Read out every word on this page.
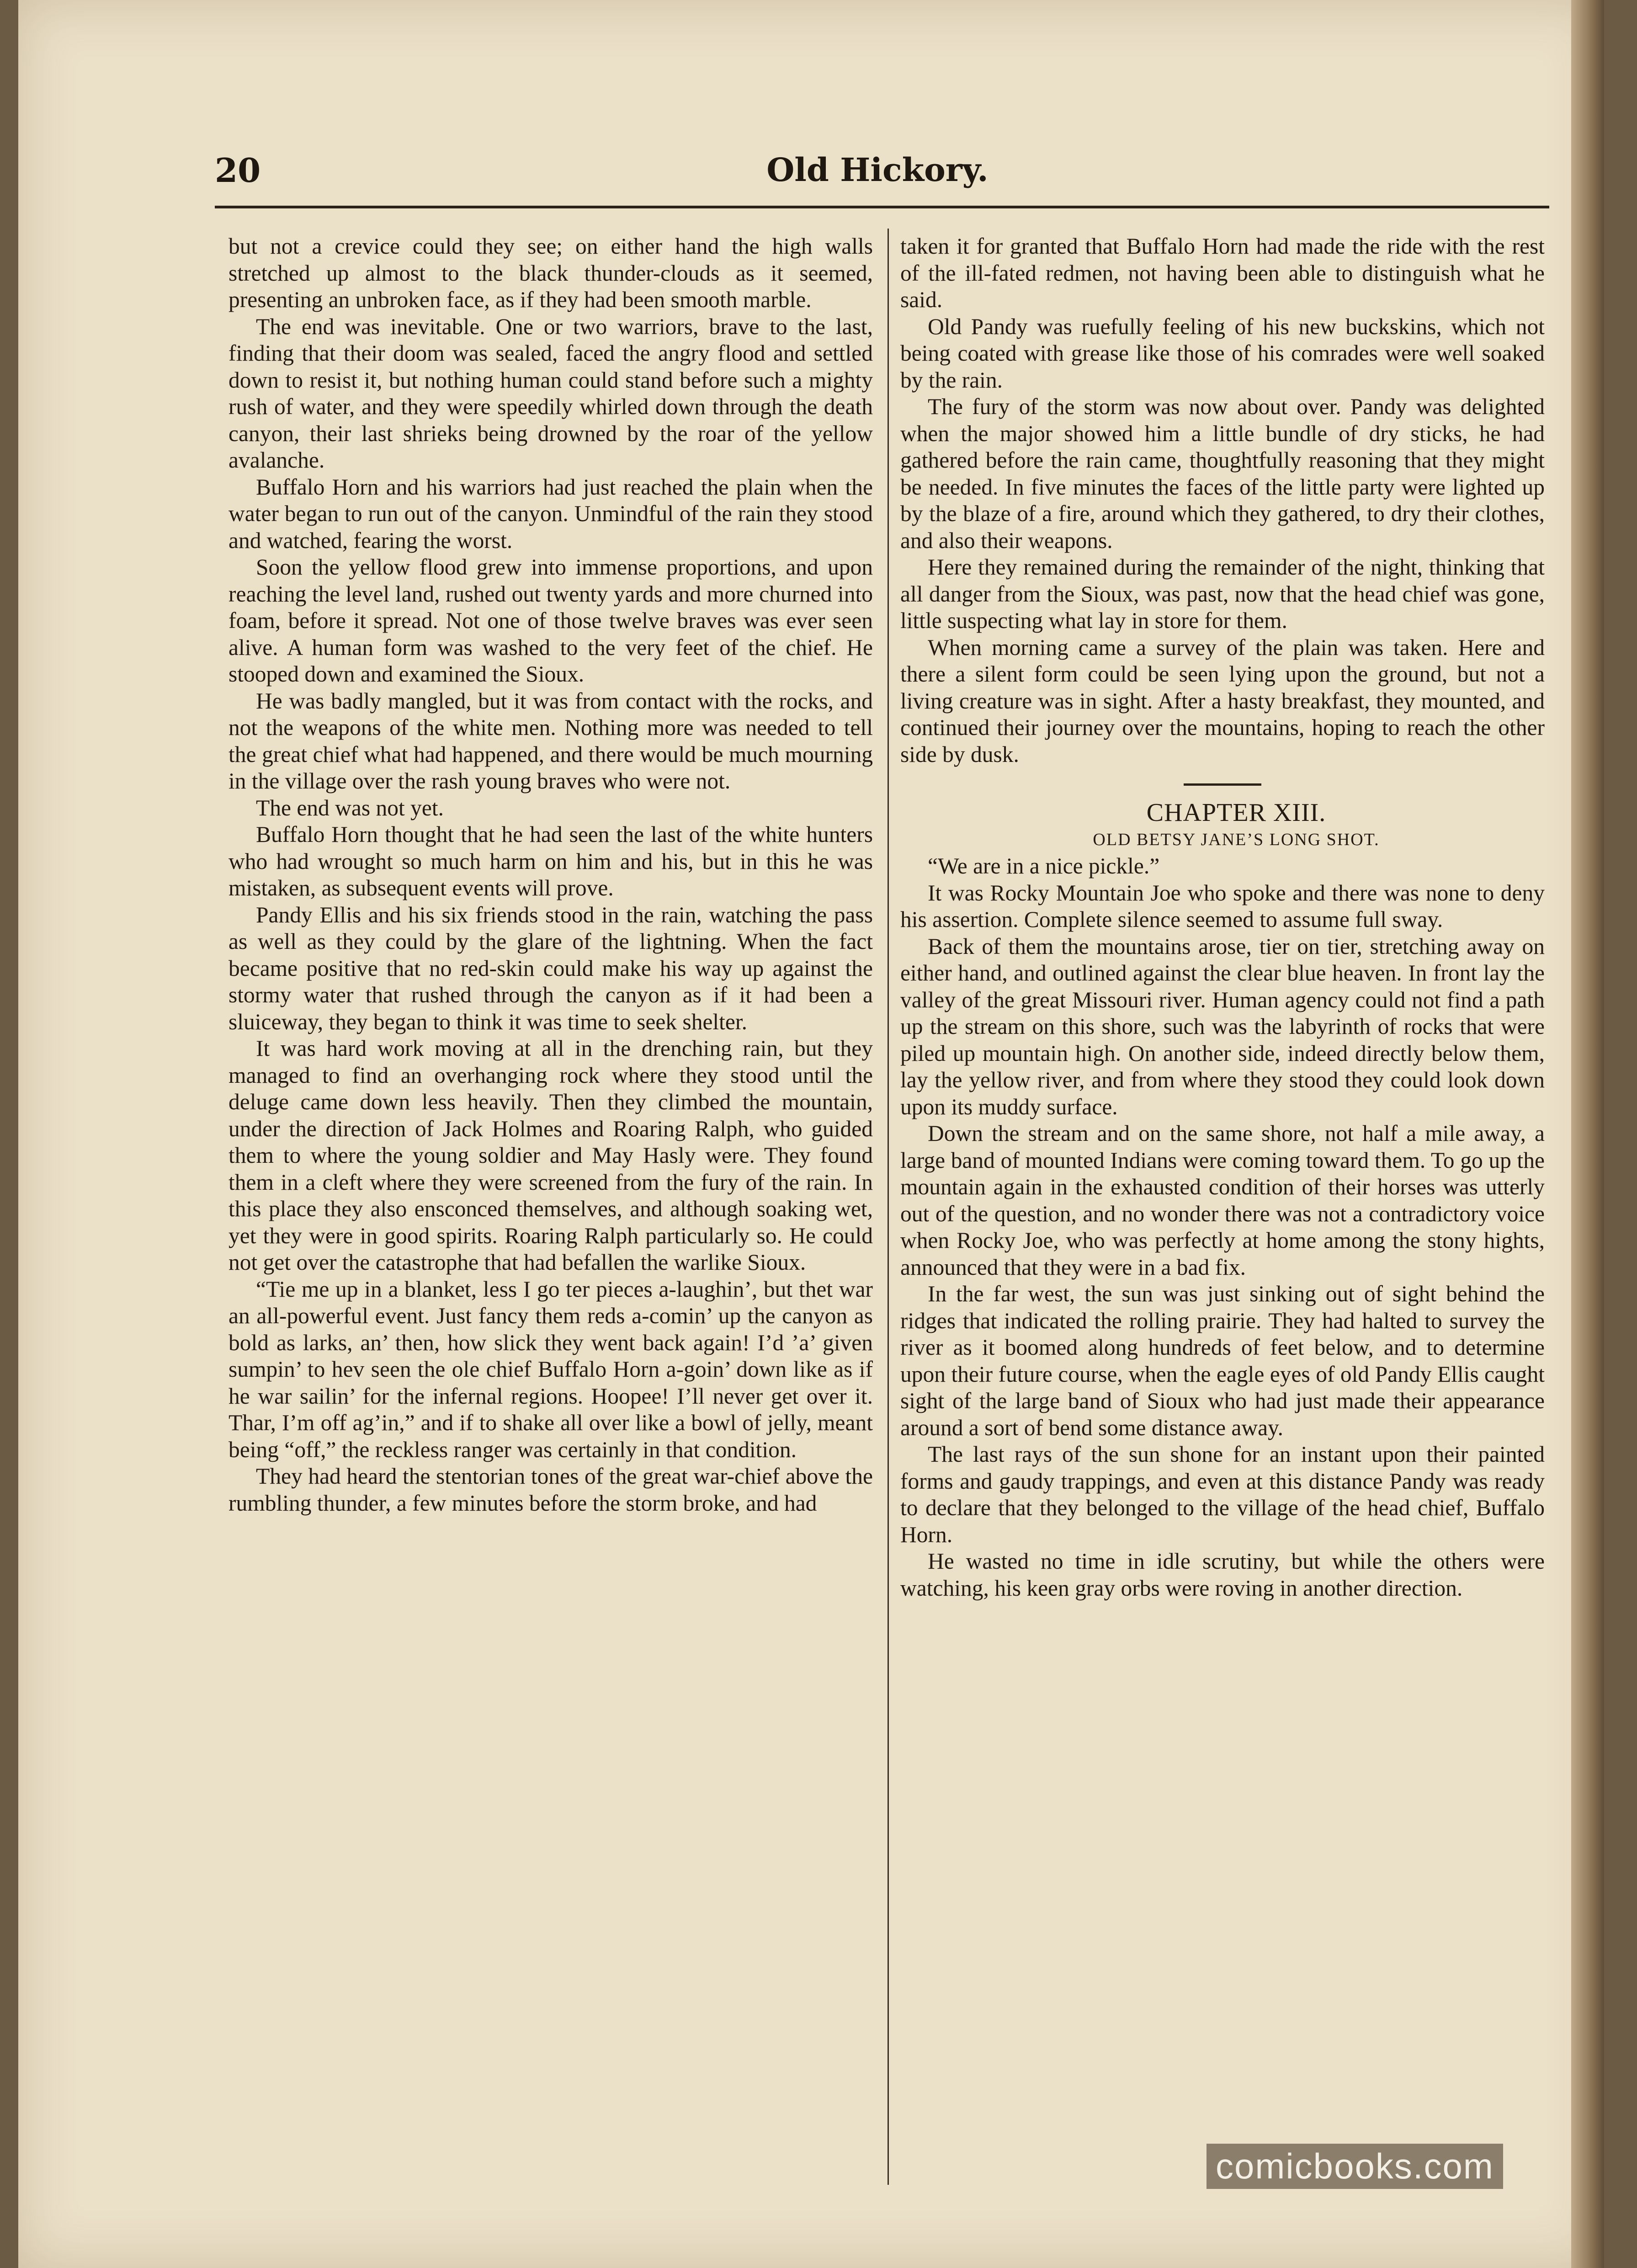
20	Old Hickory.

but not a crevice could they see; on either hand the high walls stretched up almost to the black thunder-clouds as it seemed, presenting an unbroken face, as if they had been smooth marble.

The end was inevitable. One or two warriors, brave to the last, finding that their doom was sealed, faced the angry flood and settled down to resist it, but nothing human could stand before such a mighty rush of water, and they were speedily whirled down through the death canyon, their last shrieks being drowned by the roar of the yellow avalanche.

Buffalo Horn and his warriors had just reached the plain when the water began to run out of the canyon. Unmindful of the rain they stood and watched, fearing the worst.

Soon the yellow flood grew into immense proportions, and upon reaching the level land, rushed out twenty yards and more churned into foam, before it spread. Not one of those twelve braves was ever seen alive. A human form was washed to the very feet of the chief. He stooped down and examined the Sioux.

He was badly mangled, but it was from contact with the rocks, and not the weapons of the white men. Nothing more was needed to tell the great chief what had happened, and there would be much mourning in the village over the rash young braves who were not.

The end was not yet.

Buffalo Horn thought that he had seen the last of the white hunters who had wrought so much harm on him and his, but in this he was mistaken, as subsequent events will prove.

Pandy Ellis and his six friends stood in the rain, watching the pass as well as they could by the glare of the lightning. When the fact became positive that no red-skin could make his way up against the stormy water that rushed through the canyon as if it had been a sluiceway, they began to think it was time to seek shelter.

It was hard work moving at all in the drenching rain, but they managed to find an overhanging rock where they stood until the deluge came down less heavily. Then they climbed the mountain, under the direction of Jack Holmes and Roaring Ralph, who guided them to where the young soldier and May Hasly were. They found them in a cleft where they were screened from the fury of the rain. In this place they also ensconced themselves, and although soaking wet, yet they were in good spirits. Roaring Ralph particularly so. He could not get over the catastrophe that had befallen the warlike Sioux.

“Tie me up in a blanket, less I go ter pieces a-laughin’, but thet war an all-powerful event. Just fancy them reds a-comin’ up the canyon as bold as larks, an’ then, how slick they went back again! I’d ’a’ given sumpin’ to hev seen the ole chief Buffalo Horn a-goin’ down like as if he war sailin’ for the infernal regions. Hoopee! I’ll never get over it. Thar, I’m off ag’in,” and if to shake all over like a bowl of jelly, meant being “off,” the reckless ranger was certainly in that condition.

They had heard the stentorian tones of the great war-chief above the rumbling thunder, a few minutes before the storm broke, and had

taken it for granted that Buffalo Horn had made the ride with the rest of the ill-fated redmen, not having been able to distinguish what he said.

Old Pandy was ruefully feeling of his new buckskins, which not being coated with grease like those of his comrades were well soaked by the rain.

The fury of the storm was now about over. Pandy was delighted when the major showed him a little bundle of dry sticks, he had gathered before the rain came, thoughtfully reasoning that they might be needed. In five minutes the faces of the little party were lighted up by the blaze of a fire, around which they gathered, to dry their clothes, and also their weapons.

Here they remained during the remainder of the night, thinking that all danger from the Sioux, was past, now that the head chief was gone, little suspecting what lay in store for them.

When morning came a survey of the plain was taken. Here and there a silent form could be seen lying upon the ground, but not a living creature was in sight. After a hasty breakfast, they mounted, and continued their journey over the mountains, hoping to reach the other side by dusk.

CHAPTER XIII.

OLD BETSY JANE’S LONG SHOT.

“We are in a nice pickle.”

It was Rocky Mountain Joe who spoke and there was none to deny his assertion. Complete silence seemed to assume full sway.

Back of them the mountains arose, tier on tier, stretching away on either hand, and outlined against the clear blue heaven. In front lay the valley of the great Missouri river. Human agency could not find a path up the stream on this shore, such was the labyrinth of rocks that were piled up mountain high. On another side, indeed directly below them, lay the yellow river, and from where they stood they could look down upon its muddy surface.

Down the stream and on the same shore, not half a mile away, a large band of mounted Indians were coming toward them. To go up the mountain again in the exhausted condition of their horses was utterly out of the question, and no wonder there was not a contradictory voice when Rocky Joe, who was perfectly at home among the stony hights, announced that they were in a bad fix.

In the far west, the sun was just sinking out of sight behind the ridges that indicated the rolling prairie. They had halted to survey the river as it boomed along hundreds of feet below, and to determine upon their future course, when the eagle eyes of old Pandy Ellis caught sight of the large band of Sioux who had just made their appearance around a sort of bend some distance away.

The last rays of the sun shone for an instant upon their painted forms and gaudy trappings, and even at this distance Pandy was ready to declare that they belonged to the village of the head chief, Buffalo Horn.

He wasted no time in idle scrutiny, but while the others were watching, his keen gray orbs were roving in another direction.

comicbooks.com
